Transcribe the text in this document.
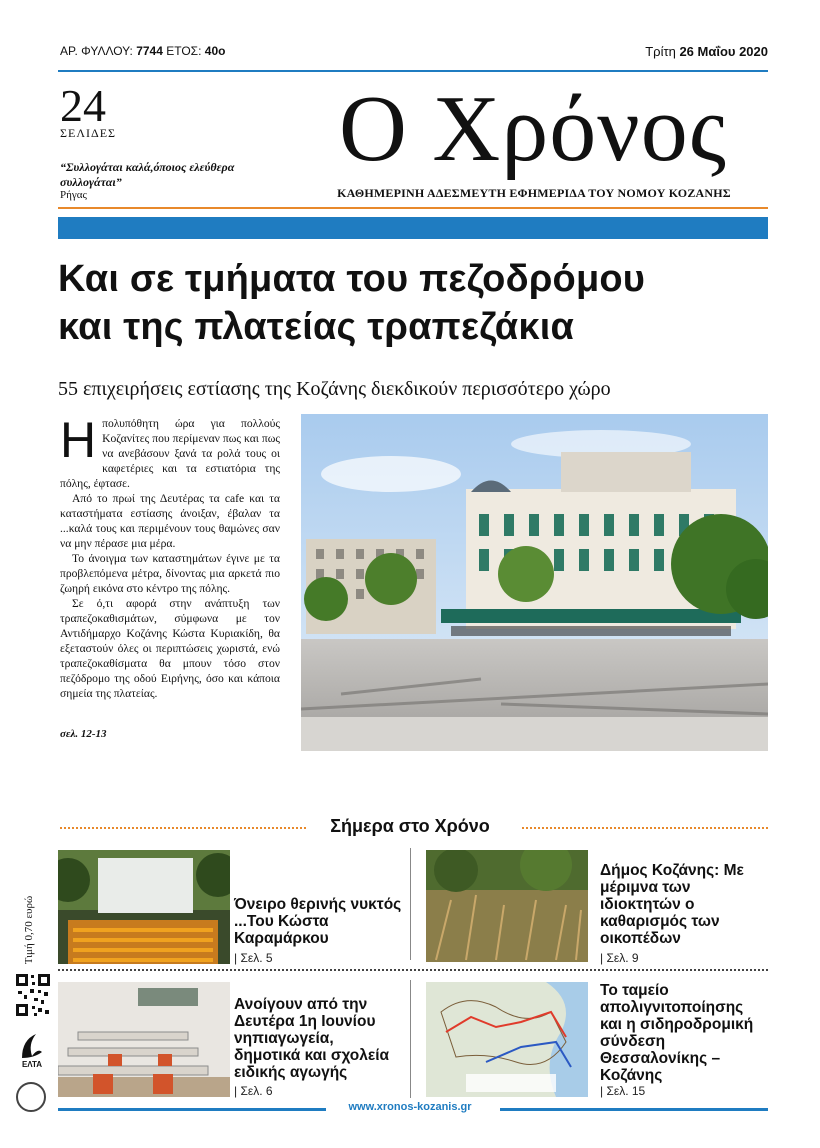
ΑΡ. ΦΥΛΛΟΥ: 7744 ΕΤΟΣ: 40ο	Τρίτη 26 Μαΐου 2020
24
ΣΕΛΙΔΕΣ
“Συλλογάται καλά,όποιος ελεύθερα συλλογάται”
Ρήγας
Ο Χρόνος
ΚΑΘΗΜΕΡΙΝΗ ΑΔΕΣΜΕΥΤΗ ΕΦΗΜΕΡΙΔΑ ΤΟΥ ΝΟΜΟΥ ΚΟΖΑΝΗΣ
Και σε τμήματα του πεζοδρόμου
και της πλατείας τραπεζάκια
55 επιχειρήσεις εστίασης της Κοζάνης διεκδικούν περισσότερο χώρο

Ηπολυπόθητη ώρα για πολλούς Κοζανίτες που περίμεναν πως και πως να ανεβάσουν ξανά τα ρολά τους οι καφετέριες και τα εστιατόρια της πόλης, έφτασε.

Από το πρωί της Δευτέρας τα cafe και τα καταστήματα εστίασης άνοιξαν, έβαλαν τα ...καλά τους και περιμένουν τους θαμώνες σαν να μην πέρασε μια μέρα.

Το άνοιγμα των καταστημάτων έγινε με τα προβλεπόμενα μέτρα, δίνοντας μια αρκετά πιο ζωηρή εικόνα στο κέντρο της πόλης.

Σε ό,τι αφορά στην ανάπτυξη των τραπεζοκαθισμάτων, σύμφωνα με τον Αντιδήμαρχο Κοζάνης Κώστα Κυριακίδη, θα εξεταστούν όλες οι περιπτώσεις χωριστά, ενώ τραπεζοκαθίσματα θα μπουν τόσο στον πεζόδρομο της οδού Ειρήνης, όσο και κάποια σημεία της πλατείας.

σελ. 12-13
Σήμερα στο Χρόνο
Τιμή 0,70 ευρώ	Όνειρο θερινής νυκτός ...Του Κώστα Καραμάρκου
| Σελ. 5
Δήμος Κοζάνης: Με μέριμνα των ιδιοκτητών ο καθαρισμός των οικοπέδων
| Σελ. 9
Ανοίγουν από την Δευτέρα 1η Ιουνίου νηπιαγωγεία, δημοτικά και σχολεία ειδικής αγωγής
| Σελ. 6
Το ταμείο απολιγνιτοποίησης και η σιδηροδρομική σύνδεση Θεσσαλονίκης – Κοζάνης
| Σελ. 15
ΕΛΤΑ
www.xronos-kozanis.gr
